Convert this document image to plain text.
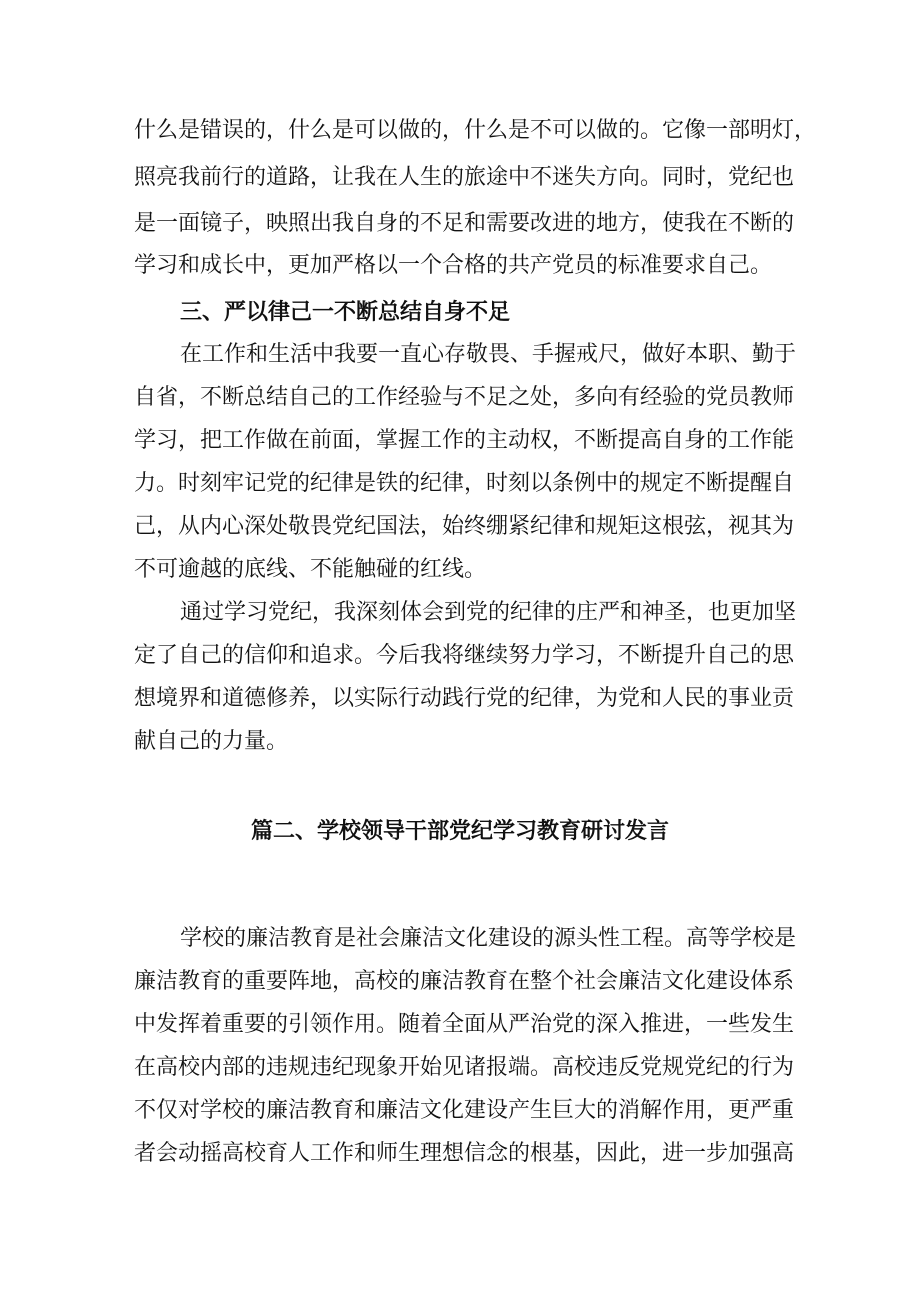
什么是错误的，什么是可以做的，什么是不可以做的。它像一部明灯，
照亮我前行的道路，让我在人生的旅途中不迷失方向。同时，党纪也
是一面镜子，映照出我自身的不足和需要改进的地方，使我在不断的
学习和成长中，更加严格以一个合格的共产党员的标准要求自己。
三、严以律己一不断总结自身不足
在工作和生活中我要一直心存敬畏、手握戒尺，做好本职、勤于
自省，不断总结自己的工作经验与不足之处，多向有经验的党员教师
学习，把工作做在前面，掌握工作的主动权，不断提高自身的工作能
力。时刻牢记党的纪律是铁的纪律，时刻以条例中的规定不断提醒自
己，从内心深处敬畏党纪国法，始终绷紧纪律和规矩这根弦，视其为
不可逾越的底线、不能触碰的红线。
通过学习党纪，我深刻体会到党的纪律的庄严和神圣，也更加坚
定了自己的信仰和追求。今后我将继续努力学习，不断提升自己的思
想境界和道德修养，以实际行动践行党的纪律，为党和人民的事业贡
献自己的力量。
篇二、学校领导干部党纪学习教育研讨发言
学校的廉洁教育是社会廉洁文化建设的源头性工程。高等学校是
廉洁教育的重要阵地，高校的廉洁教育在整个社会廉洁文化建设体系
中发挥着重要的引领作用。随着全面从严治党的深入推进，一些发生
在高校内部的违规违纪现象开始见诸报端。高校违反党规党纪的行为
不仅对学校的廉洁教育和廉洁文化建设产生巨大的消解作用，更严重
者会动摇高校育人工作和师生理想信念的根基，因此，进一步加强高
